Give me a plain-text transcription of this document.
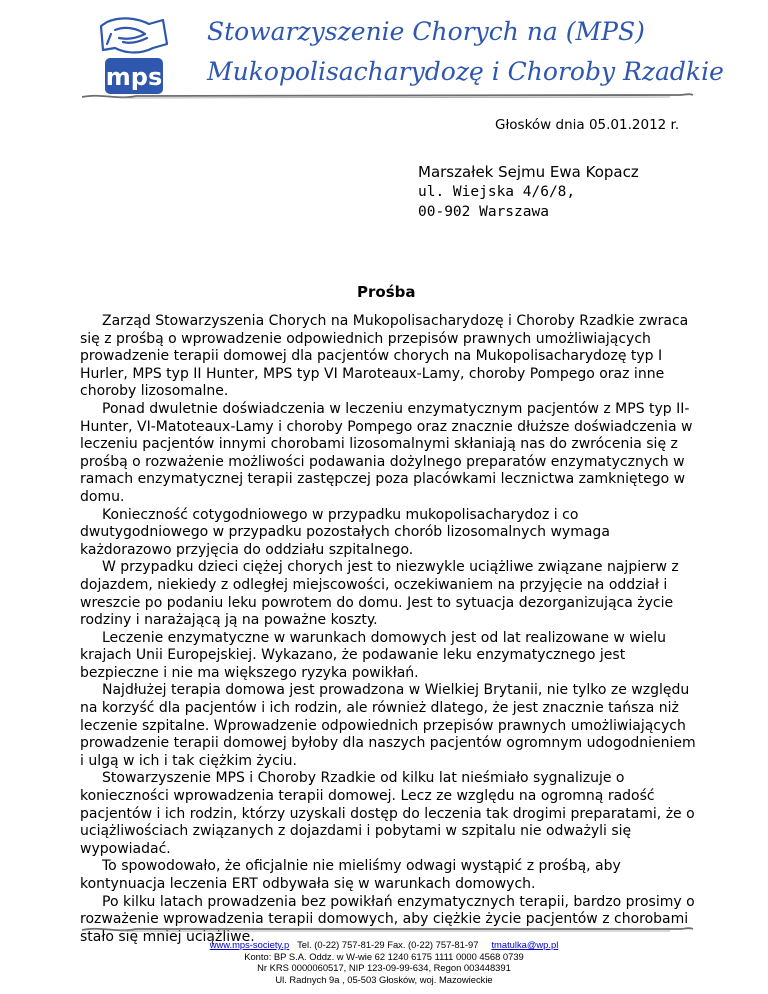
mps
Stowarzyszenie Chorych na (MPS)
Mukopolisacharydozę i Choroby Rzadkie
Głosków dnia 05.01.2012 r.
Marszałek Sejmu Ewa Kopacz
ul. Wiejska 4/6/8,
00-902 Warszawa
Prośba

Zarząd Stowarzyszenia Chorych na Mukopolisacharydozę i Choroby Rzadkie zwraca się z prośbą o wprowadzenie odpowiednich przepisów prawnych umożliwiających prowadzenie terapii domowej dla pacjentów chorych na Mukopolisacharydozę typ I Hurler, MPS typ II Hunter, MPS typ VI Maroteaux-Lamy, choroby Pompego oraz inne choroby lizosomalne.

Ponad dwuletnie doświadczenia w leczeniu enzymatycznym pacjentów z MPS typ II-Hunter, VI-Matoteaux-Lamy i choroby Pompego oraz znacznie dłuższe doświadczenia w leczeniu pacjentów innymi chorobami lizosomalnymi skłaniają nas do zwrócenia się z prośbą o rozważenie możliwości podawania dożylnego preparatów enzymatycznych w ramach enzymatycznej terapii zastępczej poza placówkami lecznictwa zamkniętego w domu.

Konieczność cotygodniowego w przypadku mukopolisacharydoz i co dwutygodniowego w przypadku pozostałych chorób lizosomalnych wymaga każdorazowo przyjęcia do oddziału szpitalnego.

W przypadku dzieci ciężej chorych jest to niezwykle uciążliwe związane najpierw z dojazdem, niekiedy z odległej miejscowości, oczekiwaniem na przyjęcie na oddział i wreszcie po podaniu leku powrotem do domu. Jest to sytuacja dezorganizująca życie rodziny i narażającą ją na poważne koszty.

Leczenie enzymatyczne w warunkach domowych jest od lat realizowane w wielu krajach Unii Europejskiej. Wykazano, że podawanie leku enzymatycznego jest bezpieczne i nie ma większego ryzyka powikłań.

Najdłużej terapia domowa jest prowadzona w Wielkiej Brytanii, nie tylko ze względu na korzyść dla pacjentów i ich rodzin, ale również dlatego, że jest znacznie tańsza niż leczenie szpitalne. Wprowadzenie odpowiednich przepisów prawnych umożliwiających prowadzenie terapii domowej byłoby dla naszych pacjentów ogromnym udogodnieniem i ulgą w ich i tak ciężkim życiu.

Stowarzyszenie MPS i Choroby Rzadkie od kilku lat nieśmiało sygnalizuje o konieczności wprowadzenia terapii domowej. Lecz ze względu na ogromną radość pacjentów i ich rodzin, którzy uzyskali dostęp do leczenia tak drogimi preparatami, że o uciążliwościach związanych z dojazdami i pobytami w szpitalu nie odważyli się wypowiadać.

To spowodowało, że oficjalnie nie mieliśmy odwagi wystąpić z prośbą, aby kontynuacja leczenia ERT odbywała się w warunkach domowych.

Po kilku latach prowadzenia bez powikłań enzymatycznych terapii, bardzo prosimy o rozważenie wprowadzenia terapii domowych, aby ciężkie życie pacjentów z chorobami stało się mniej uciążliwe.

www.mps-society.p Tel. (0-22) 757-81-29 Fax. (0-22) 757-81-97 tmatulka@wp.pl
Konto: BP S.A. Oddz. w W-wie 62 1240 6175 1111 0000 4568 0739
Nr KRS 0000060517, NIP 123-09-99-634, Regon 003448391
Ul. Radnych 9a , 05-503 Głosków, woj. Mazowieckie
